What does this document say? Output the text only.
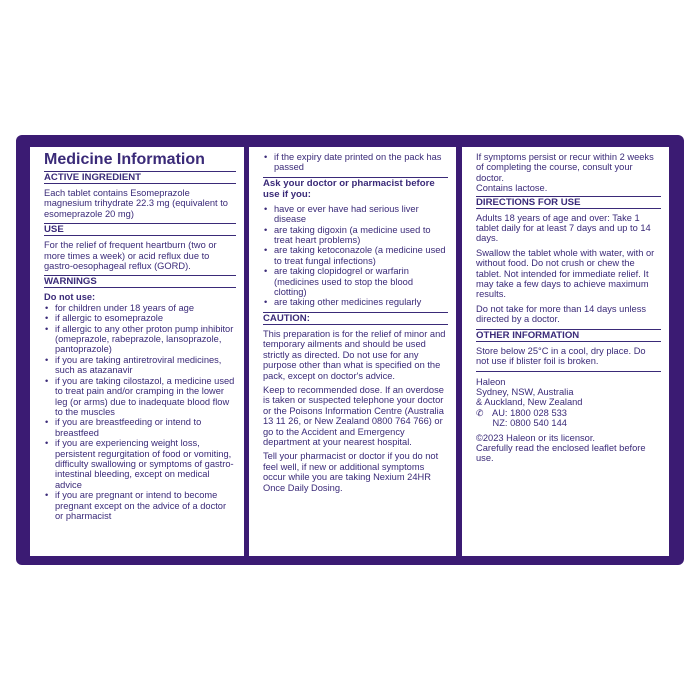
Medicine Information
ACTIVE INGREDIENT
Each tablet contains Esomeprazole magnesium trihydrate 22.3 mg (equivalent to esomeprazole 20 mg)
USE
For the relief of frequent heartburn (two or more times a week) or acid reflux due to gastro-oesophageal reflux (GORD).
WARNINGS
Do not use:
• for children under 18 years of age
• if allergic to esomeprazole
• if allergic to any other proton pump inhibitor (omeprazole, rabeprazole, lansoprazole, pantoprazole)
• if you are taking antiretroviral medicines, such as atazanavir
• if you are taking cilostazol, a medicine used to treat pain and/or cramping in the lower leg (or arms) due to inadequate blood flow to the muscles
• if you are breastfeeding or intend to breastfeed
• if you are experiencing weight loss, persistent regurgitation of food or vomiting, difficulty swallowing or symptoms of gastro-intestinal bleeding, except on medical advice
• if you are pregnant or intend to become pregnant except on the advice of a doctor or pharmacist
• if the expiry date printed on the pack has passed
Ask your doctor or pharmacist before use if you:
• have or ever have had serious liver disease
• are taking digoxin (a medicine used to treat heart problems)
• are taking ketoconazole (a medicine used to treat fungal infections)
• are taking clopidogrel or warfarin (medicines used to stop the blood clotting)
• are taking other medicines regularly
CAUTION:
This preparation is for the relief of minor and temporary ailments and should be used strictly as directed. Do not use for any purpose other than what is specified on the pack, except on doctor's advice.
Keep to recommended dose. If an overdose is taken or suspected telephone your doctor or the Poisons Information Centre (Australia 13 11 26, or New Zealand 0800 764 766) or go to the Accident and Emergency department at your nearest hospital.
Tell your pharmacist or doctor if you do not feel well, if new or additional symptoms occur while you are taking Nexium 24HR Once Daily Dosing.
If symptoms persist or recur within 2 weeks of completing the course, consult your doctor.
Contains lactose.
DIRECTIONS FOR USE
Adults 18 years of age and over: Take 1 tablet daily for at least 7 days and up to 14 days.
Swallow the tablet whole with water, with or without food. Do not crush or chew the tablet. Not intended for immediate relief. It may take a few days to achieve maximum results.
Do not take for more than 14 days unless directed by a doctor.
OTHER INFORMATION
Store below 25°C in a cool, dry place. Do not use if blister foil is broken.
Haleon
Sydney, NSW, Australia
& Auckland, New Zealand
✆ AU: 1800 028 533
NZ: 0800 540 144
©2023 Haleon or its licensor.
Carefully read the enclosed leaflet before use.
